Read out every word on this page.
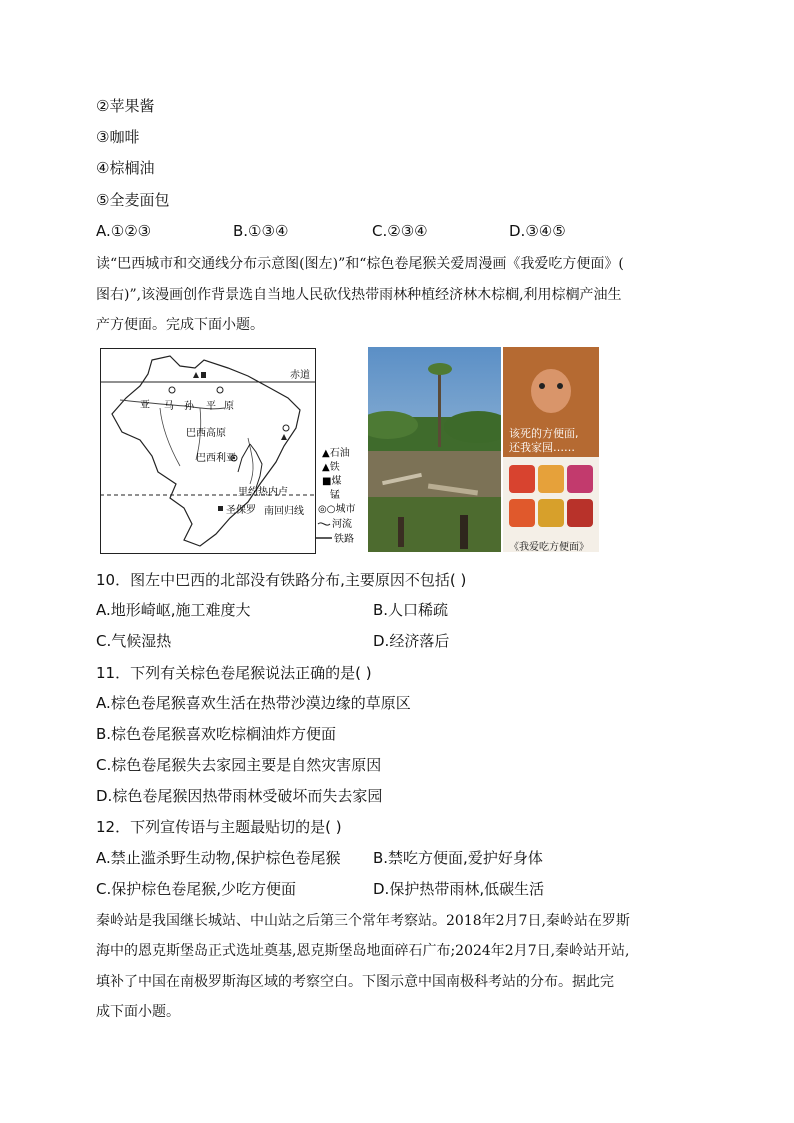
②苹果酱
③咖啡
④棕榈油
⑤全麦面包
A.①②③	B.①③④	C.②③④	D.③④⑤
读“巴西城市和交通线分布示意图(图左)”和“棕色卷尾猴关爱周漫画《我爱吃方便面》(
图右)”,该漫画创作背景选自当地人民砍伐热带雨林种植经济林木棕榈,利用棕榈产油生
产方便面。完成下面小题。
赤道
亚 马 孙 平 原
巴西高原
巴西利亚
里约热内卢
圣保罗 南回归线
▲石油
▲铁
■煤
锰
◎○城市
河流
铁路
该死的方便面,
还我家园……
《我爱吃方便面》
10．图左中巴西的北部没有铁路分布,主要原因不包括( )
A.地形崎岖,施工难度大	B.人口稀疏
C.气候湿热	D.经济落后
11．下列有关棕色卷尾猴说法正确的是( )
A.棕色卷尾猴喜欢生活在热带沙漠边缘的草原区
B.棕色卷尾猴喜欢吃棕榈油炸方便面
C.棕色卷尾猴失去家园主要是自然灾害原因
D.棕色卷尾猴因热带雨林受破坏而失去家园
12．下列宣传语与主题最贴切的是( )
A.禁止滥杀野生动物,保护棕色卷尾猴 B.禁吃方便面,爱护好身体
C.保护棕色卷尾猴,少吃方便面	D.保护热带雨林,低碳生活
秦岭站是我国继长城站、中山站之后第三个常年考察站。2018年2月7日,秦岭站在罗斯
海中的恩克斯堡岛正式选址奠基,恩克斯堡岛地面碎石广布;2024年2月7日,秦岭站开站,
填补了中国在南极罗斯海区域的考察空白。下图示意中国南极科考站的分布。据此完
成下面小题。
